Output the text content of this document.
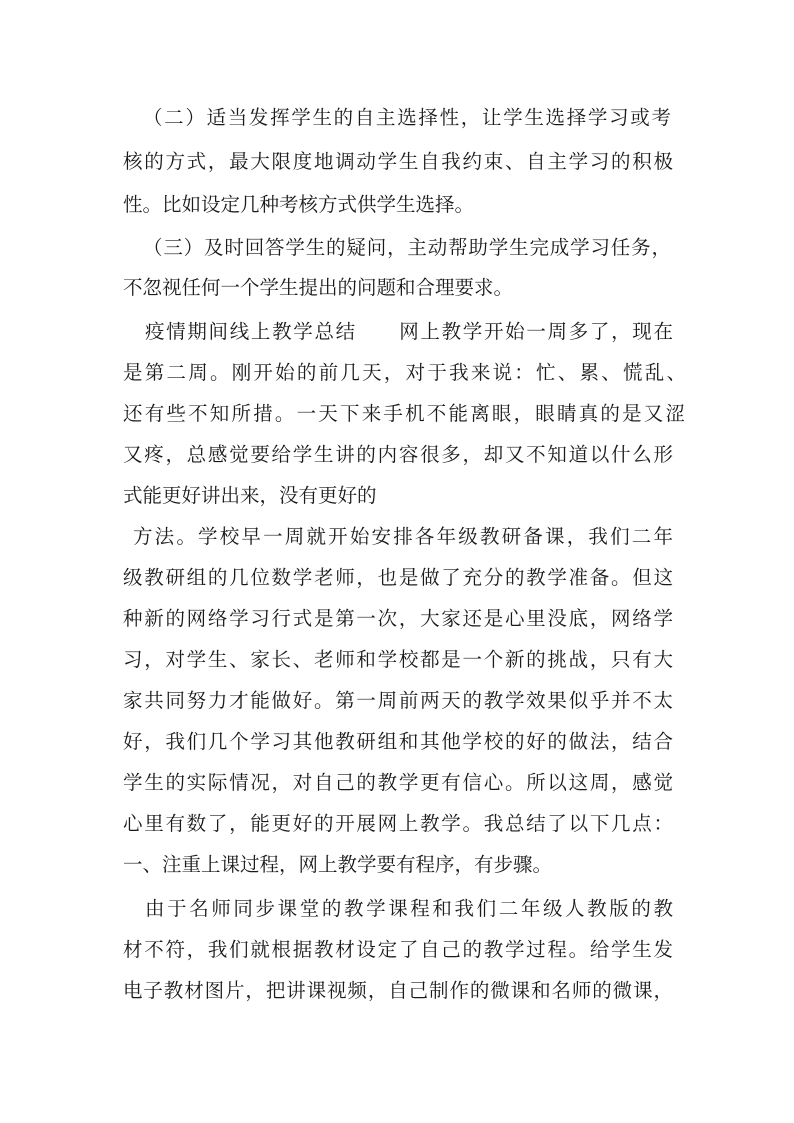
（二）适当发挥学生的自主选择性，让学生选择学习或考
核的方式，最大限度地调动学生自我约束、自主学习的积极
性。比如设定几种考核方式供学生选择。
（三）及时回答学生的疑问，主动帮助学生完成学习任务，
不忽视任何一个学生提出的问题和合理要求。
疫情期间线上教学总结　　网上教学开始一周多了，现在
是第二周。刚开始的前几天，对于我来说：忙、累、慌乱、
还有些不知所措。一天下来手机不能离眼，眼睛真的是又涩
又疼，总感觉要给学生讲的内容很多，却又不知道以什么形
式能更好讲出来，没有更好的
方法。学校早一周就开始安排各年级教研备课，我们二年
级教研组的几位数学老师，也是做了充分的教学准备。但这
种新的网络学习行式是第一次，大家还是心里没底，网络学
习，对学生、家长、老师和学校都是一个新的挑战，只有大
家共同努力才能做好。第一周前两天的教学效果似乎并不太
好，我们几个学习其他教研组和其他学校的好的做法，结合
学生的实际情况，对自己的教学更有信心。所以这周，感觉
心里有数了，能更好的开展网上教学。我总结了以下几点：
一、注重上课过程，网上教学要有程序，有步骤。
由于名师同步课堂的教学课程和我们二年级人教版的教
材不符，我们就根据教材设定了自己的教学过程。给学生发
电子教材图片，把讲课视频，自己制作的微课和名师的微课，
